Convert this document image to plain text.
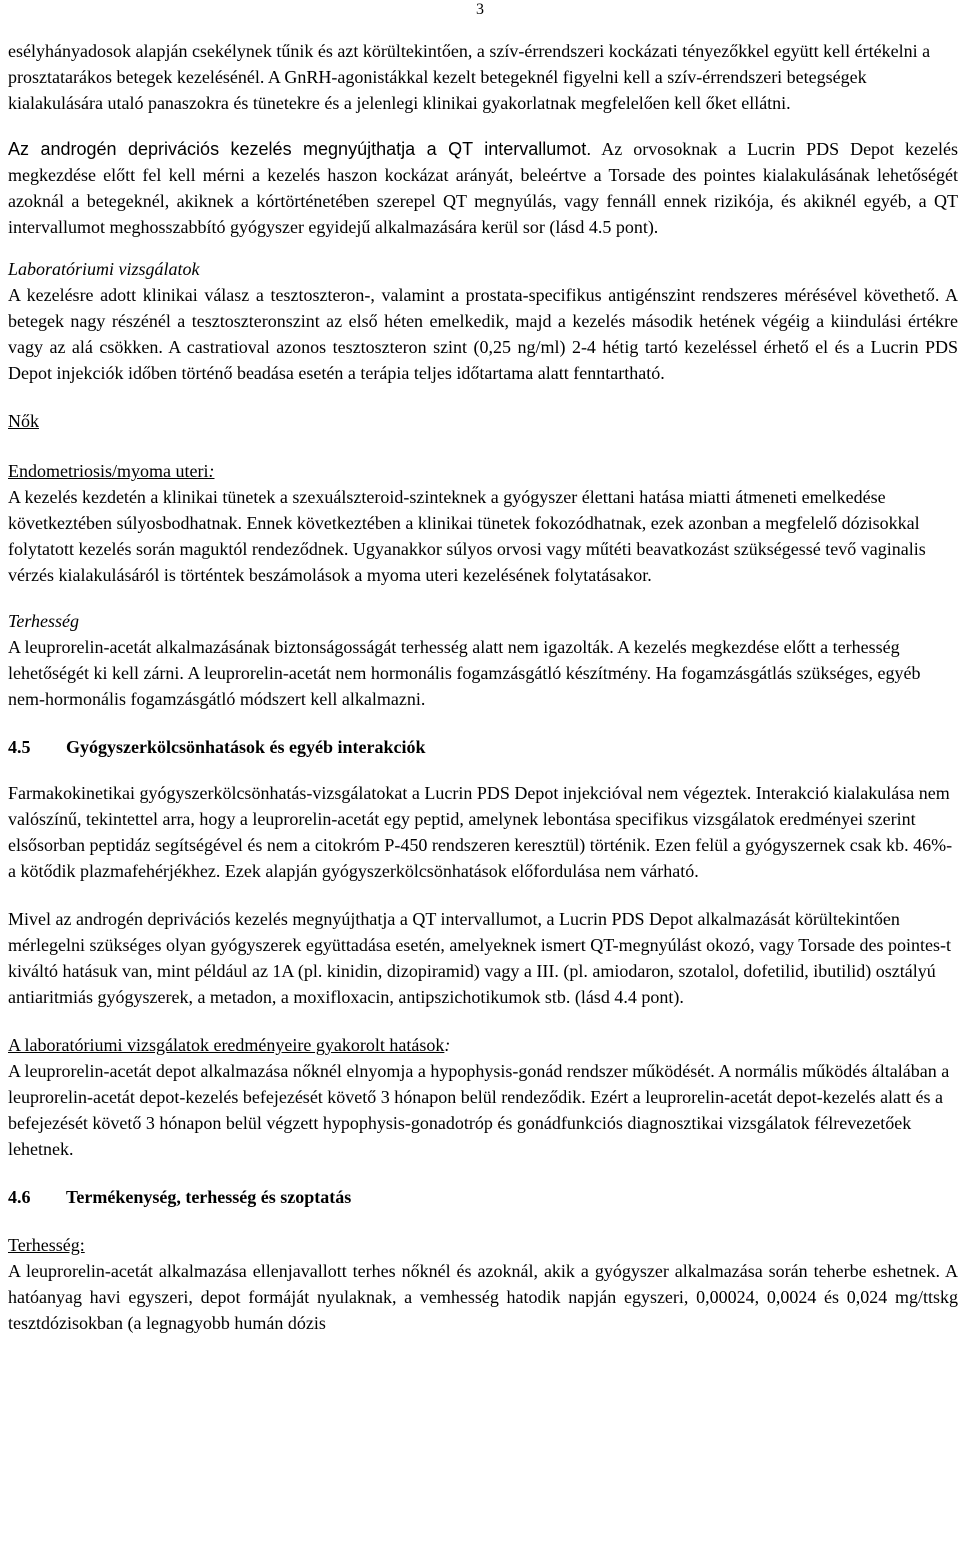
3

esélyhányadosok alapján csekélynek tűnik és azt körültekintően, a szív-érrendszeri kockázati tényezőkkel együtt kell értékelni a prosztatarákos betegek kezelésénél. A GnRH-agonistákkal kezelt betegeknél figyelni kell a szív-érrendszeri betegségek kialakulására utaló panaszokra és tünetekre és a jelenlegi klinikai gyakorlatnak megfelelően kell őket ellátni.

Az androgén deprivációs kezelés megnyújthatja a QT intervallumot. Az orvosoknak a Lucrin PDS Depot kezelés megkezdése előtt fel kell mérni a kezelés haszon kockázat arányát, beleértve a Torsade des pointes kialakulásának lehetőségét azoknál a betegeknél, akiknek a kórtörténetében szerepel QT megnyúlás, vagy fennáll ennek rizikója, és akiknél egyéb, a QT intervallumot meghosszabbító gyógyszer egyidejű alkalmazására kerül sor (lásd 4.5 pont).

Laboratóriumi vizsgálatok

A kezelésre adott klinikai válasz a tesztoszteron-, valamint a prostata-specifikus antigénszint rendszeres mérésével követhető. A betegek nagy részénél a tesztoszteronszint az első héten emelkedik, majd a kezelés második hetének végéig a kiindulási értékre vagy az alá csökken. A castratioval azonos tesztoszteron szint (0,25 ng/ml) 2-4 hétig tartó kezeléssel érhető el és a Lucrin PDS Depot injekciók időben történő beadása esetén a terápia teljes időtartama alatt fenntartható.

Nők

Endometriosis/myoma uteri:

A kezelés kezdetén a klinikai tünetek a szexuálszteroid-szinteknek a gyógyszer élettani hatása miatti átmeneti emelkedése következtében súlyosbodhatnak. Ennek következtében a klinikai tünetek fokozódhatnak, ezek azonban a megfelelő dózisokkal folytatott kezelés során maguktól rendeződnek. Ugyanakkor súlyos orvosi vagy műtéti beavatkozást szükségessé tevő vaginalis vérzés kialakulásáról is történtek beszámolások a myoma uteri kezelésének folytatásakor.

Terhesség

A leuprorelin-acetát alkalmazásának biztonságosságát terhesség alatt nem igazolták. A kezelés megkezdése előtt a terhesség lehetőségét ki kell zárni. A leuprorelin-acetát nem hormonális fogamzásgátló készítmény. Ha fogamzásgátlás szükséges, egyéb nem-hormonális fogamzásgátló módszert kell alkalmazni.

4.5 Gyógyszerkölcsönhatások és egyéb interakciók

Farmakokinetikai gyógyszerkölcsönhatás-vizsgálatokat a Lucrin PDS Depot injekcióval nem végeztek. Interakció kialakulása nem valószínű, tekintettel arra, hogy a leuprorelin-acetát egy peptid, amelynek lebontása specifikus vizsgálatok eredményei szerint elsősorban peptidáz segítségével és nem a citokróm P-450 rendszeren keresztül) történik. Ezen felül a gyógyszernek csak kb. 46%-a kötődik plazmafehérjékhez. Ezek alapján gyógyszerkölcsönhatások előfordulása nem várható.

Mivel az androgén deprivációs kezelés megnyújthatja a QT intervallumot, a Lucrin PDS Depot alkalmazását körültekintően mérlegelni szükséges olyan gyógyszerek együttadása esetén, amelyeknek ismert QT-megnyúlást okozó, vagy Torsade des pointes-t kiváltó hatásuk van, mint például az 1A (pl. kinidin, dizopiramid) vagy a III. (pl. amiodaron, szotalol, dofetilid, ibutilid) osztályú antiaritmiás gyógyszerek, a metadon, a moxifloxacin, antipszichotikumok stb. (lásd 4.4 pont).

A laboratóriumi vizsgálatok eredményeire gyakorolt hatások:

A leuprorelin-acetát depot alkalmazása nőknél elnyomja a hypophysis-gonád rendszer működését. A normális működés általában a leuprorelin-acetát depot-kezelés befejezését követő 3 hónapon belül rendeződik. Ezért a leuprorelin-acetát depot-kezelés alatt és a befejezését követő 3 hónapon belül végzett hypophysis-gonadotróp és gonádfunkciós diagnosztikai vizsgálatok félrevezetőek lehetnek.

4.6 Termékenység, terhesség és szoptatás

Terhesség:

A leuprorelin-acetát alkalmazása ellenjavallott terhes nőknél és azoknál, akik a gyógyszer alkalmazása során teherbe eshetnek. A hatóanyag havi egyszeri, depot formáját nyulaknak, a vemhesség hatodik napján egyszeri, 0,00024, 0,0024 és 0,024 mg/ttskg tesztdózisokban (a legnagyobb humán dózis
